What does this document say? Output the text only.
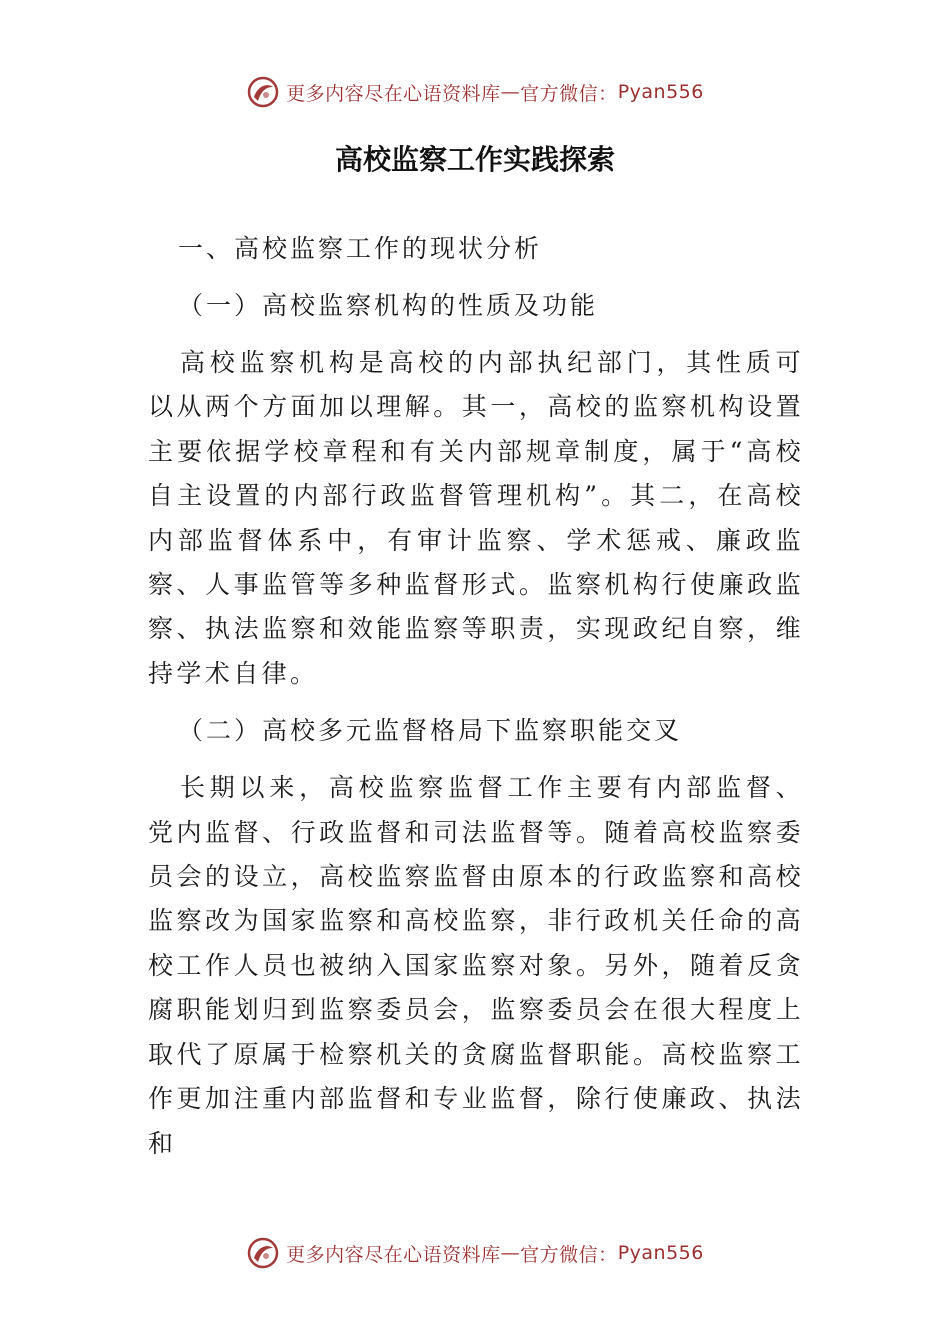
更多内容尽在心语资料库 — 官方微信： Pyan556
高校监察工作实践探索
一、高校监察工作的现状分析
（一）高校监察机构的性质及功能

高校监察机构是高校的内部执纪部门，其性质可以从两个方面加以理解。其一，高校的监察机构设置主要依据学校章程和有关内部规章制度，属于“高校自主设置的内部行政监督管理机构”。其二，在高校内部监督体系中，有审计监察、学术惩戒、廉政监察、人事监管等多种监督形式。监察机构行使廉政监察、执法监察和效能监察等职责，实现政纪自察，维持学术自律。

（二）高校多元监督格局下监察职能交叉

长期以来，高校监察监督工作主要有内部监督、党内监督、行政监督和司法监督等。随着高校监察委员会的设立，高校监察监督由原本的行政监察和高校监察改为国家监察和高校监察，非行政机关任命的高校工作人员也被纳入国家监察对象。另外，随着反贪腐职能划归到监察委员会，监察委员会在很大程度上取代了原属于检察机关的贪腐监督职能。高校监察工作更加注重内部监督和专业监督，除行使廉政、执法和

更多内容尽在心语资料库 — 官方微信： Pyan556
